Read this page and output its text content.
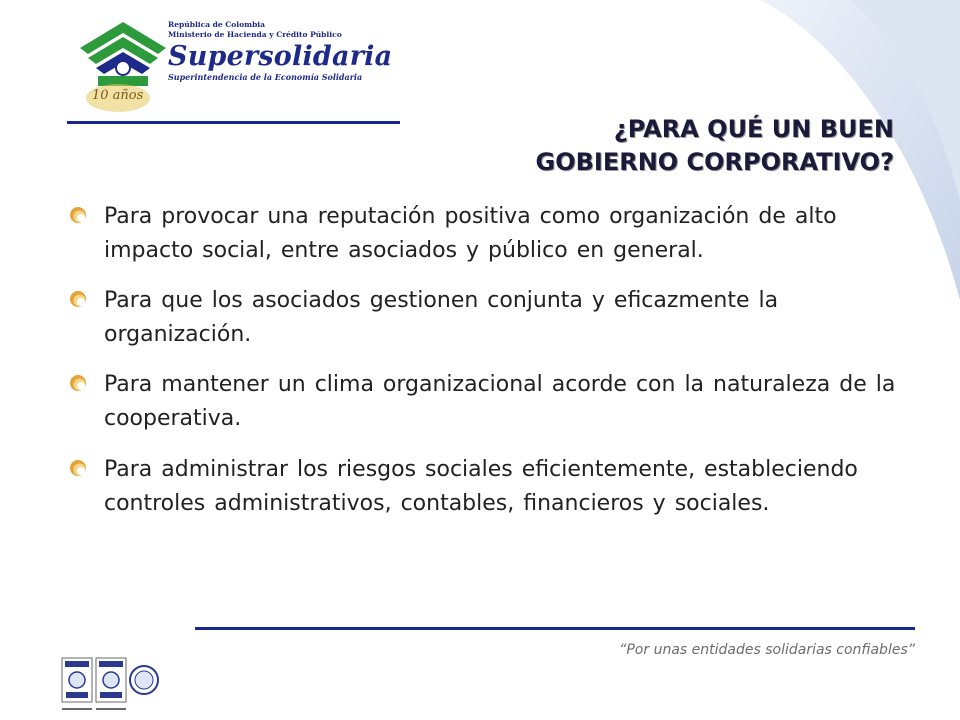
10 años
República de Colombia
Ministerio de Hacienda y Crédito Público
Supersolidaria
Superintendencia de la Economía Solidaria
¿PARA QUÉ UN BUEN
GOBIERNO CORPORATIVO?
Para provocar una reputación positiva como organización de alto impacto social, entre asociados y público en general.
Para que los asociados gestionen conjunta y eficazmente la organización.
Para mantener un clima organizacional acorde con la naturaleza de la cooperativa.
Para administrar los riesgos sociales eficientemente, estableciendo controles administrativos, contables, financieros y sociales.
“Por unas entidades solidarias confiables”
